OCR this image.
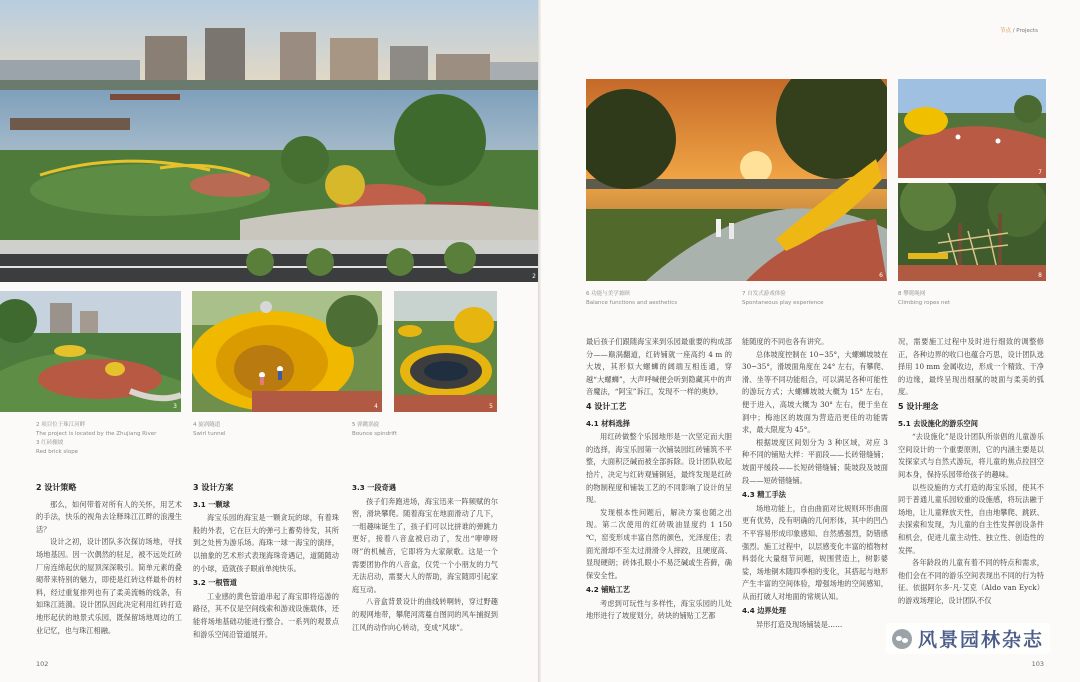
2
3	4	5
2 项目位于珠江河畔
The project is located by the Zhujiang River
3 红砖骤坡
Red brick slope
4 旋涡隧道
Swirl tunnel
5 弹跳涡旋
Bounce spindrift
2 设计策略

那么，如何带着对所有人的关怀，用艺术的手法，快乐的视角去诠释珠江江畔的浪漫生活？

设计之初，设计团队多次探访场地，寻找场地基因。因一次偶然的驻足，被不远处红砖厂房连绵起伏的屋顶深深吸引。简单元素的叠砌带来特别的魅力，即使是红砖这样最朴的材料，经过重复排列也有了柔美流畅的线条，有如珠江涟漪。设计团队因此决定利用红砖打造地形起伏的地景式乐园，既保留场地周边的工业记忆，也与珠江相融。

3 设计方案
3.1 一颗球

海宝乐园的海宝是一颗贪玩的球，有着珠般的外表，它在巨大的弹弓上蓄势待发，其所到之处皆为游乐场。海珠一球一海宝的演绎，以抽象的艺术形式表现海珠奇遇记，道随随动的小球，造就孩子眼前单纯快乐。

3.2 一根管道

工业感的黄色管道串起了海宝即将巡游的路径，其不仅是空间线索和游戏设施载体，还能将场地基础功能进行整合。一系列的观景点和游乐空间沿管道展开。

3.3 一段奇遇

孩子们奔跑进场，海宝迅来一阵频赋的尔窖，滑块攀爬。随着海宝在地面滑动了几下，一组趣味诞生了，孩子们可以比拼谁的弹跳力更好，接着八音盒被启动了，发出“咿咿呀呀”的机械音，它即将为大家献歌。这是一个需要团协作的八音盒，仅凭一个小朋友的力气无法启动，需要大人的帮助，海宝随即引起家庭互动。

八音盒背景设计的曲线转啊转，穿过野趣的观网地带，攀爬河湾蔓自图同的风车捕捉到江风的动作向心转动，变成“风球”。

102
节点 / Projects
6
7
8
6 功能与美学兼顾
Balance functions and aesthetics
7 自发式游戏体验
Spontaneous play experience
8 攀爬绳网
Climbing ropes net

最后孩子们跟随海宝来到乐园最重要的构成部分——巅涡翻道，红砖铺就一座高约 4 m 的大坡，其形似大螺蛳的阔端互相连通，穿越“大螺蛳”，大声呼喊便会听到隐藏其中的声音魔法，“阿宝”诉江，发现不一样的奥妙。

4 设计工艺
4.1 材料选择

用红砖做整个乐园地形是一次坚定而大胆的选择，海宝乐园第一次铺装园红砖铺筑不平整，大面积泛碱而被全部拆除。设计团队收起拾片，决定与红砖观铺铜延，最终发现是红砖的物制程度和铺装工艺的不同影响了设计的呈现。

发现根本性问题后，解决方案也随之出现。第二次使用的红砖吸油显度约 1 150 ℃，窑变形成丰富自然的颜色，光泽度佳；表面光滑却不至太过滑滑令人摔跤，且硬度高、显现硬朗；砖体孔眼小不易泛碱或生苔藓，确保安全性。

4.2 铺贴工艺

考虑到可玩性与多样性，海宝乐园的儿处地形进行了坡度划分，砖块的铺贴工艺都

能随度的不同也各有讲究。

总体坡度控制在 10~35°，大螺蛳坡坡在 30~35°，滑坡面角度在 24° 左右，有攀爬、滑、坐等不同功能组合，可以满足各种可能性的游玩方式；大螺蛳坡坡大概为 15° 左右，便于进入，高坡大概为 30° 左右，便于坐在洞中；梅池区的坡面为营造沿更佳的功能需求，最大限度为 45°。

根据坡度区间划分为 3 种区域，对应 3 种不同的铺贴大样：平面段——长砖错缝铺；坡面平缓段——长短砖错缝铺；陡坡段及坡面段——短砖错缝铺。

4.3 精工手法

场地功能上，自由曲面对比规则环形曲面更有优势，没有明确的几何形体，其中的凹凸不平容易形成印象感知、自然感强烈，防错感强烈。施工过程中，以层感变化丰富的植物材料弱化大量细节问题，规围营造上，树影婆娑，场地铜木随四季相的变化，其搭起与地形产生丰富的空间体验，增强场地的空间感知，从而打破人对地面的常规认知。

4.4 边界处理

异形打造及现场铺装是……

况，需要施工过程中及时进行细致的调整修正，各种边界的收口也蕴合巧思，设计团队选择用 10 mm 金属收边，形成一个精致、干净的边缘，最终呈现出细腻的坡面与柔美的弧度。

5 设计理念
5.1 去设施化的游乐空间

“去设施化”是设计团队所崇倡的儿童游乐空间设计的一个重要原则，它的内涵主要是以发探家式与自然式游玩，将儿童的焦点拉回空间本身，保持乐园带给孩子的趣味。

以些设施的方式打造的海宝乐园，使其不同于普通儿童乐园较重的设施感，将玩法融于场地，让儿童释放天性，自由地攀爬、跳跃、去探索和发现，为儿童的自主性发挥创设条件和机会，促进儿童主动性、独立性、创造性的发挥。

各年龄段的儿童有着不同的特点和需求，他们会在不同的游乐空间表现出不同的行为特征。依据阿尔多·凡·艾克（Aldo van Eyck）的游戏场理论，设计团队不仅

风景园林杂志
103
